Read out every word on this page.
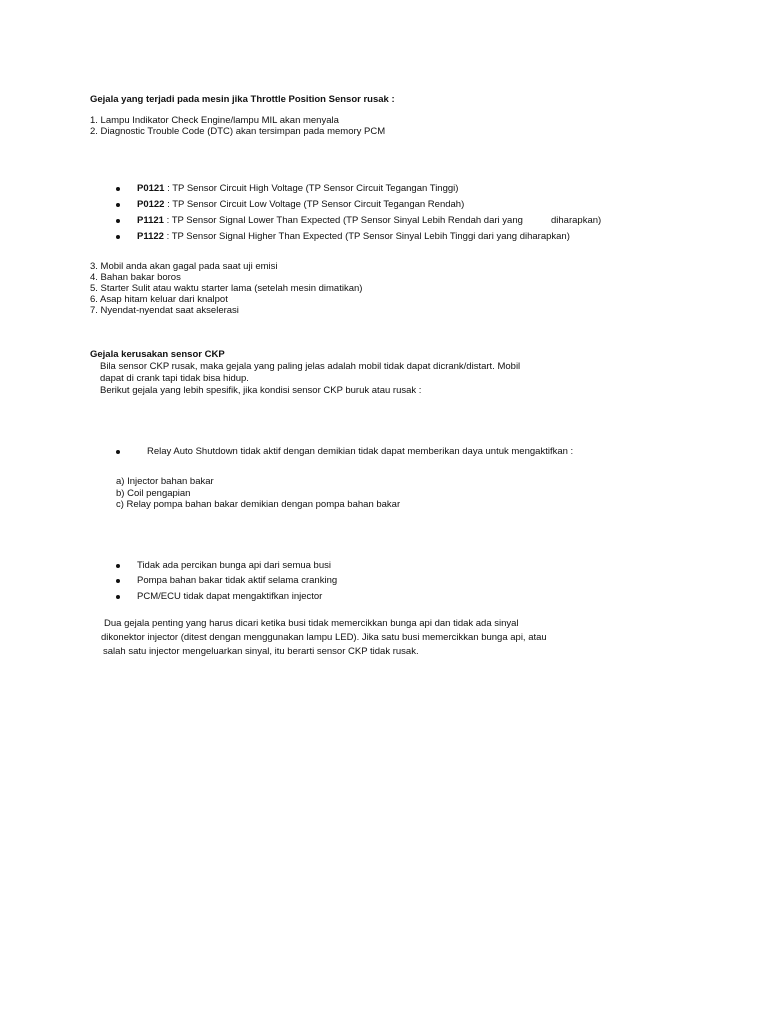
Gejala yang terjadi pada mesin jika Throttle Position Sensor rusak :
1. Lampu Indikator Check Engine/lampu MIL akan menyala
2. Diagnostic Trouble Code (DTC) akan tersimpan pada memory PCM
P0121 : TP Sensor Circuit High Voltage (TP Sensor Circuit Tegangan Tinggi)
P0122 : TP Sensor Circuit Low Voltage (TP Sensor Circuit Tegangan Rendah)
P1121 : TP Sensor Signal Lower Than Expected (TP Sensor Sinyal Lebih Rendah dari yang	diharapkan)
P1122 : TP Sensor Signal Higher Than Expected (TP Sensor Sinyal Lebih Tinggi dari yang diharapkan)
3. Mobil anda akan gagal pada saat uji emisi
4. Bahan bakar boros
5. Starter Sulit atau waktu starter lama (setelah mesin dimatikan)
6. Asap hitam keluar dari knalpot
7. Nyendat-nyendat saat akselerasi
Gejala kerusakan sensor CKP
Bila sensor CKP rusak, maka gejala yang paling jelas adalah mobil tidak dapat dicrank/distart. Mobil
dapat di crank tapi tidak bisa hidup.
Berikut gejala yang lebih spesifik, jika kondisi sensor CKP buruk atau rusak :
Relay Auto Shutdown tidak aktif dengan demikian tidak dapat memberikan daya untuk mengaktifkan :
a) Injector bahan bakar
b) Coil pengapian
c) Relay pompa bahan bakar demikian dengan pompa bahan bakar
Tidak ada percikan bunga api dari semua busi
Pompa bahan bakar tidak aktif selama cranking
PCM/ECU tidak dapat mengaktifkan injector
Dua gejala penting yang harus dicari ketika busi tidak memercikkan bunga api dan tidak ada sinyal
dikonektor injector (ditest dengan menggunakan lampu LED). Jika satu busi memercikkan bunga api, atau
salah satu injector mengeluarkan sinyal, itu berarti sensor CKP tidak rusak.
